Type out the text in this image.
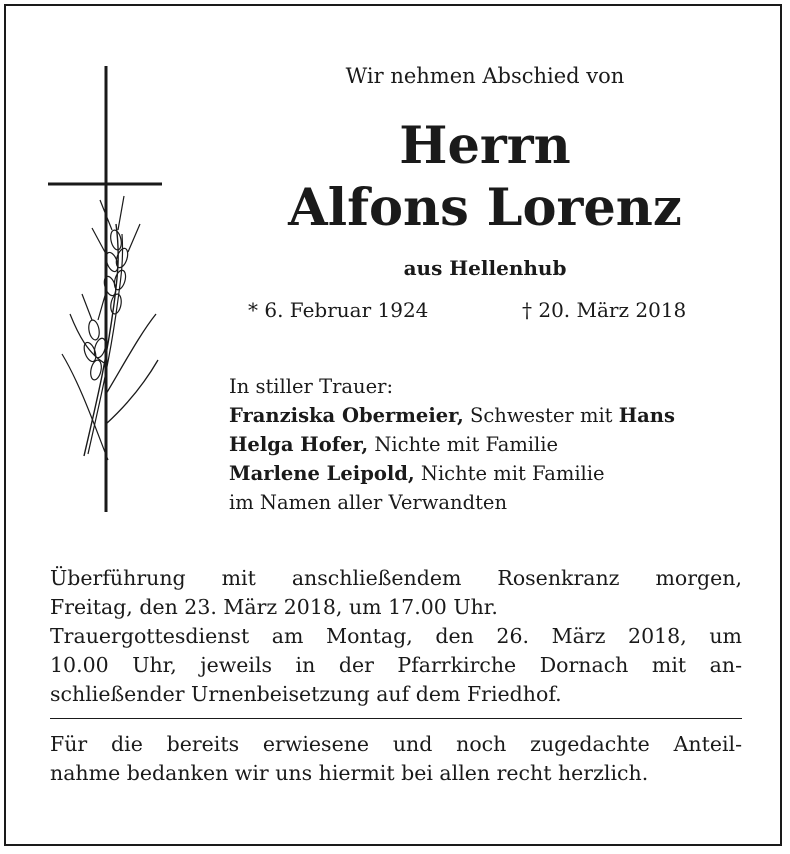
Wir nehmen Abschied von
Herrn
Alfons Lorenz
aus Hellenhub
* 6. Februar 1924	† 20. März 2018
In stiller Trauer:
Franziska Obermeier, Schwester mit Hans
Helga Hofer, Nichte mit Familie
Marlene Leipold, Nichte mit Familie
im Namen aller Verwandten
Überführung mit anschließendem Rosenkranz morgen,
Freitag, den 23. März 2018, um 17.00 Uhr.
Trauergottesdienst am Montag, den 26. März 2018, um
10.00 Uhr, jeweils in der Pfarrkirche Dornach mit an-
schließender Urnenbeisetzung auf dem Friedhof.
Für die bereits erwiesene und noch zugedachte Anteil-
nahme bedanken wir uns hiermit bei allen recht herzlich.
